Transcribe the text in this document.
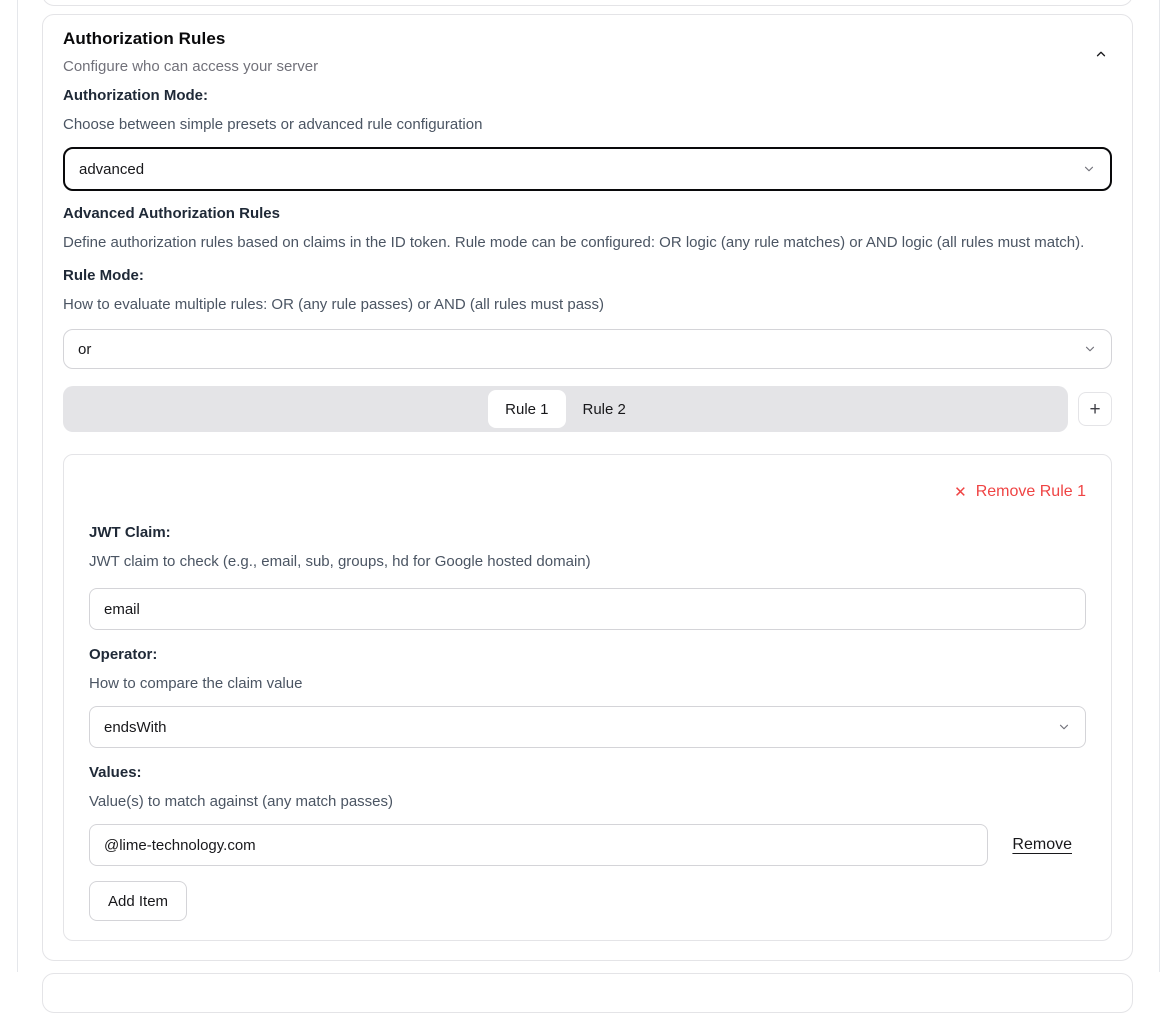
Authorization Rules

Configure who can access your server

Authorization Mode:
Choose between simple presets or advanced rule configuration
advanced
Advanced Authorization Rules
Define authorization rules based on claims in the ID token. Rule mode can be configured: OR logic (any rule matches) or AND logic (all rules must match).
Rule Mode:
How to evaluate multiple rules: OR (any rule passes) or AND (all rules must pass)
or
Rule 1	Rule 2	+
✕ Remove Rule 1
JWT Claim:
JWT claim to check (e.g., email, sub, groups, hd for Google hosted domain)
email
Operator:
How to compare the claim value
endsWith
Values:
Value(s) to match against (any match passes)
@lime-technology.com
Remove
Add Item
